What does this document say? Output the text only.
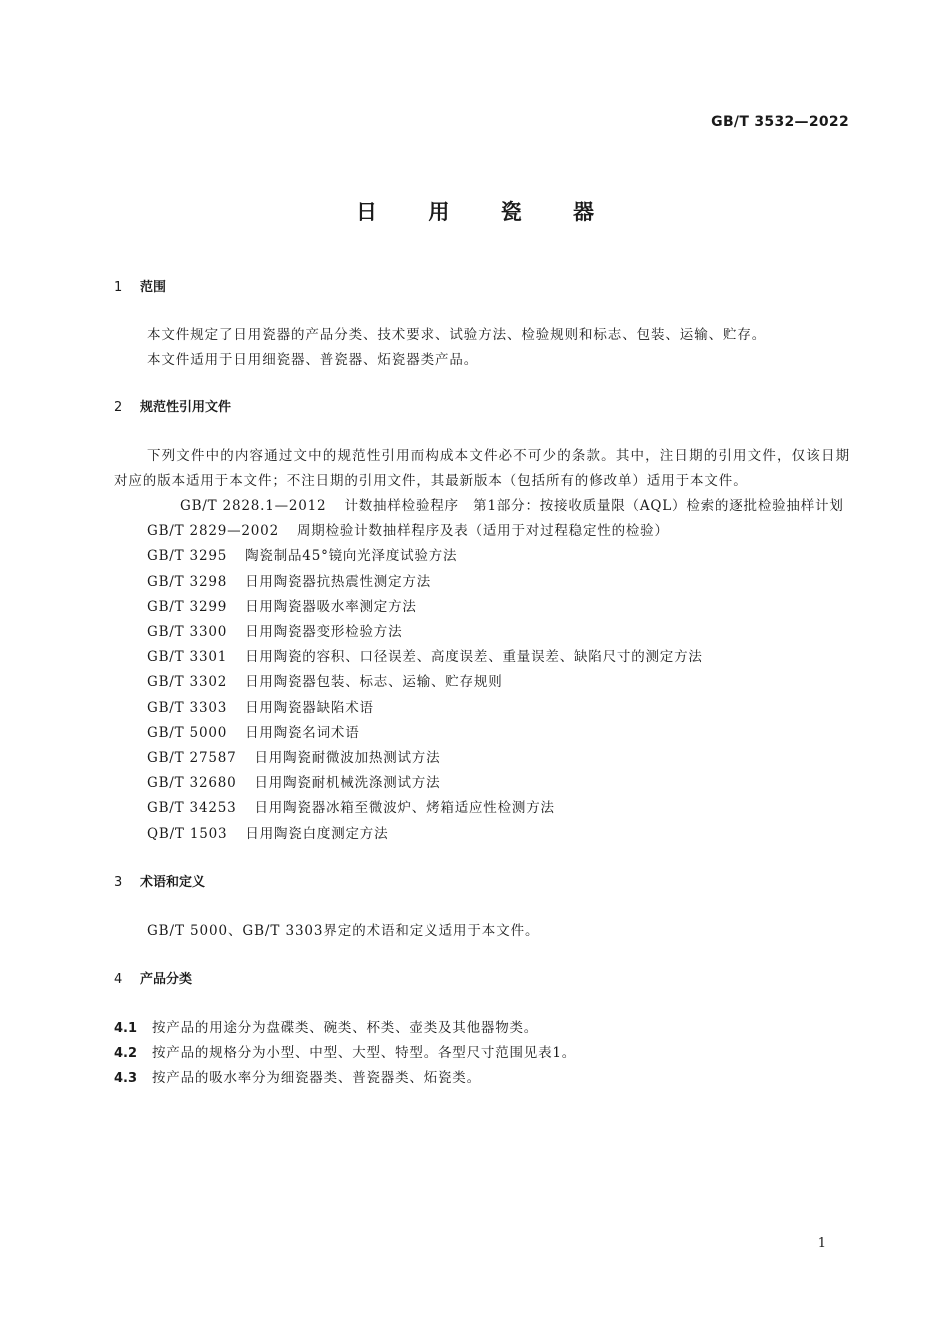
GB/T 3532—2022
日 用 瓷 器
1 范围
本文件规定了日用瓷器的产品分类、技术要求、试验方法、检验规则和标志、包装、运输、贮存。
本文件适用于日用细瓷器、普瓷器、炻瓷器类产品。
2 规范性引用文件
下列文件中的内容通过文中的规范性引用而构成本文件必不可少的条款。其中，注日期的引用文件，仅该日期对应的版本适用于本文件；不注日期的引用文件，其最新版本（包括所有的修改单）适用于本文件。
GB/T 2828.1—2012 计数抽样检验程序　第1部分：按接收质量限（AQL）检索的逐批检验抽样计划
GB/T 2829—2002 周期检验计数抽样程序及表（适用于对过程稳定性的检验）
GB/T 3295 陶瓷制品45°镜向光泽度试验方法
GB/T 3298 日用陶瓷器抗热震性测定方法
GB/T 3299 日用陶瓷器吸水率测定方法
GB/T 3300 日用陶瓷器变形检验方法
GB/T 3301 日用陶瓷的容积、口径误差、高度误差、重量误差、缺陷尺寸的测定方法
GB/T 3302 日用陶瓷器包装、标志、运输、贮存规则
GB/T 3303 日用陶瓷器缺陷术语
GB/T 5000 日用陶瓷名词术语
GB/T 27587 日用陶瓷耐微波加热测试方法
GB/T 32680 日用陶瓷耐机械洗涤测试方法
GB/T 34253 日用陶瓷器冰箱至微波炉、烤箱适应性检测方法
QB/T 1503 日用陶瓷白度测定方法
3 术语和定义
GB/T 5000、GB/T 3303界定的术语和定义适用于本文件。
4 产品分类
4.1 按产品的用途分为盘碟类、碗类、杯类、壶类及其他器物类。
4.2 按产品的规格分为小型、中型、大型、特型。各型尺寸范围见表1。
4.3 按产品的吸水率分为细瓷器类、普瓷器类、炻瓷类。
1
